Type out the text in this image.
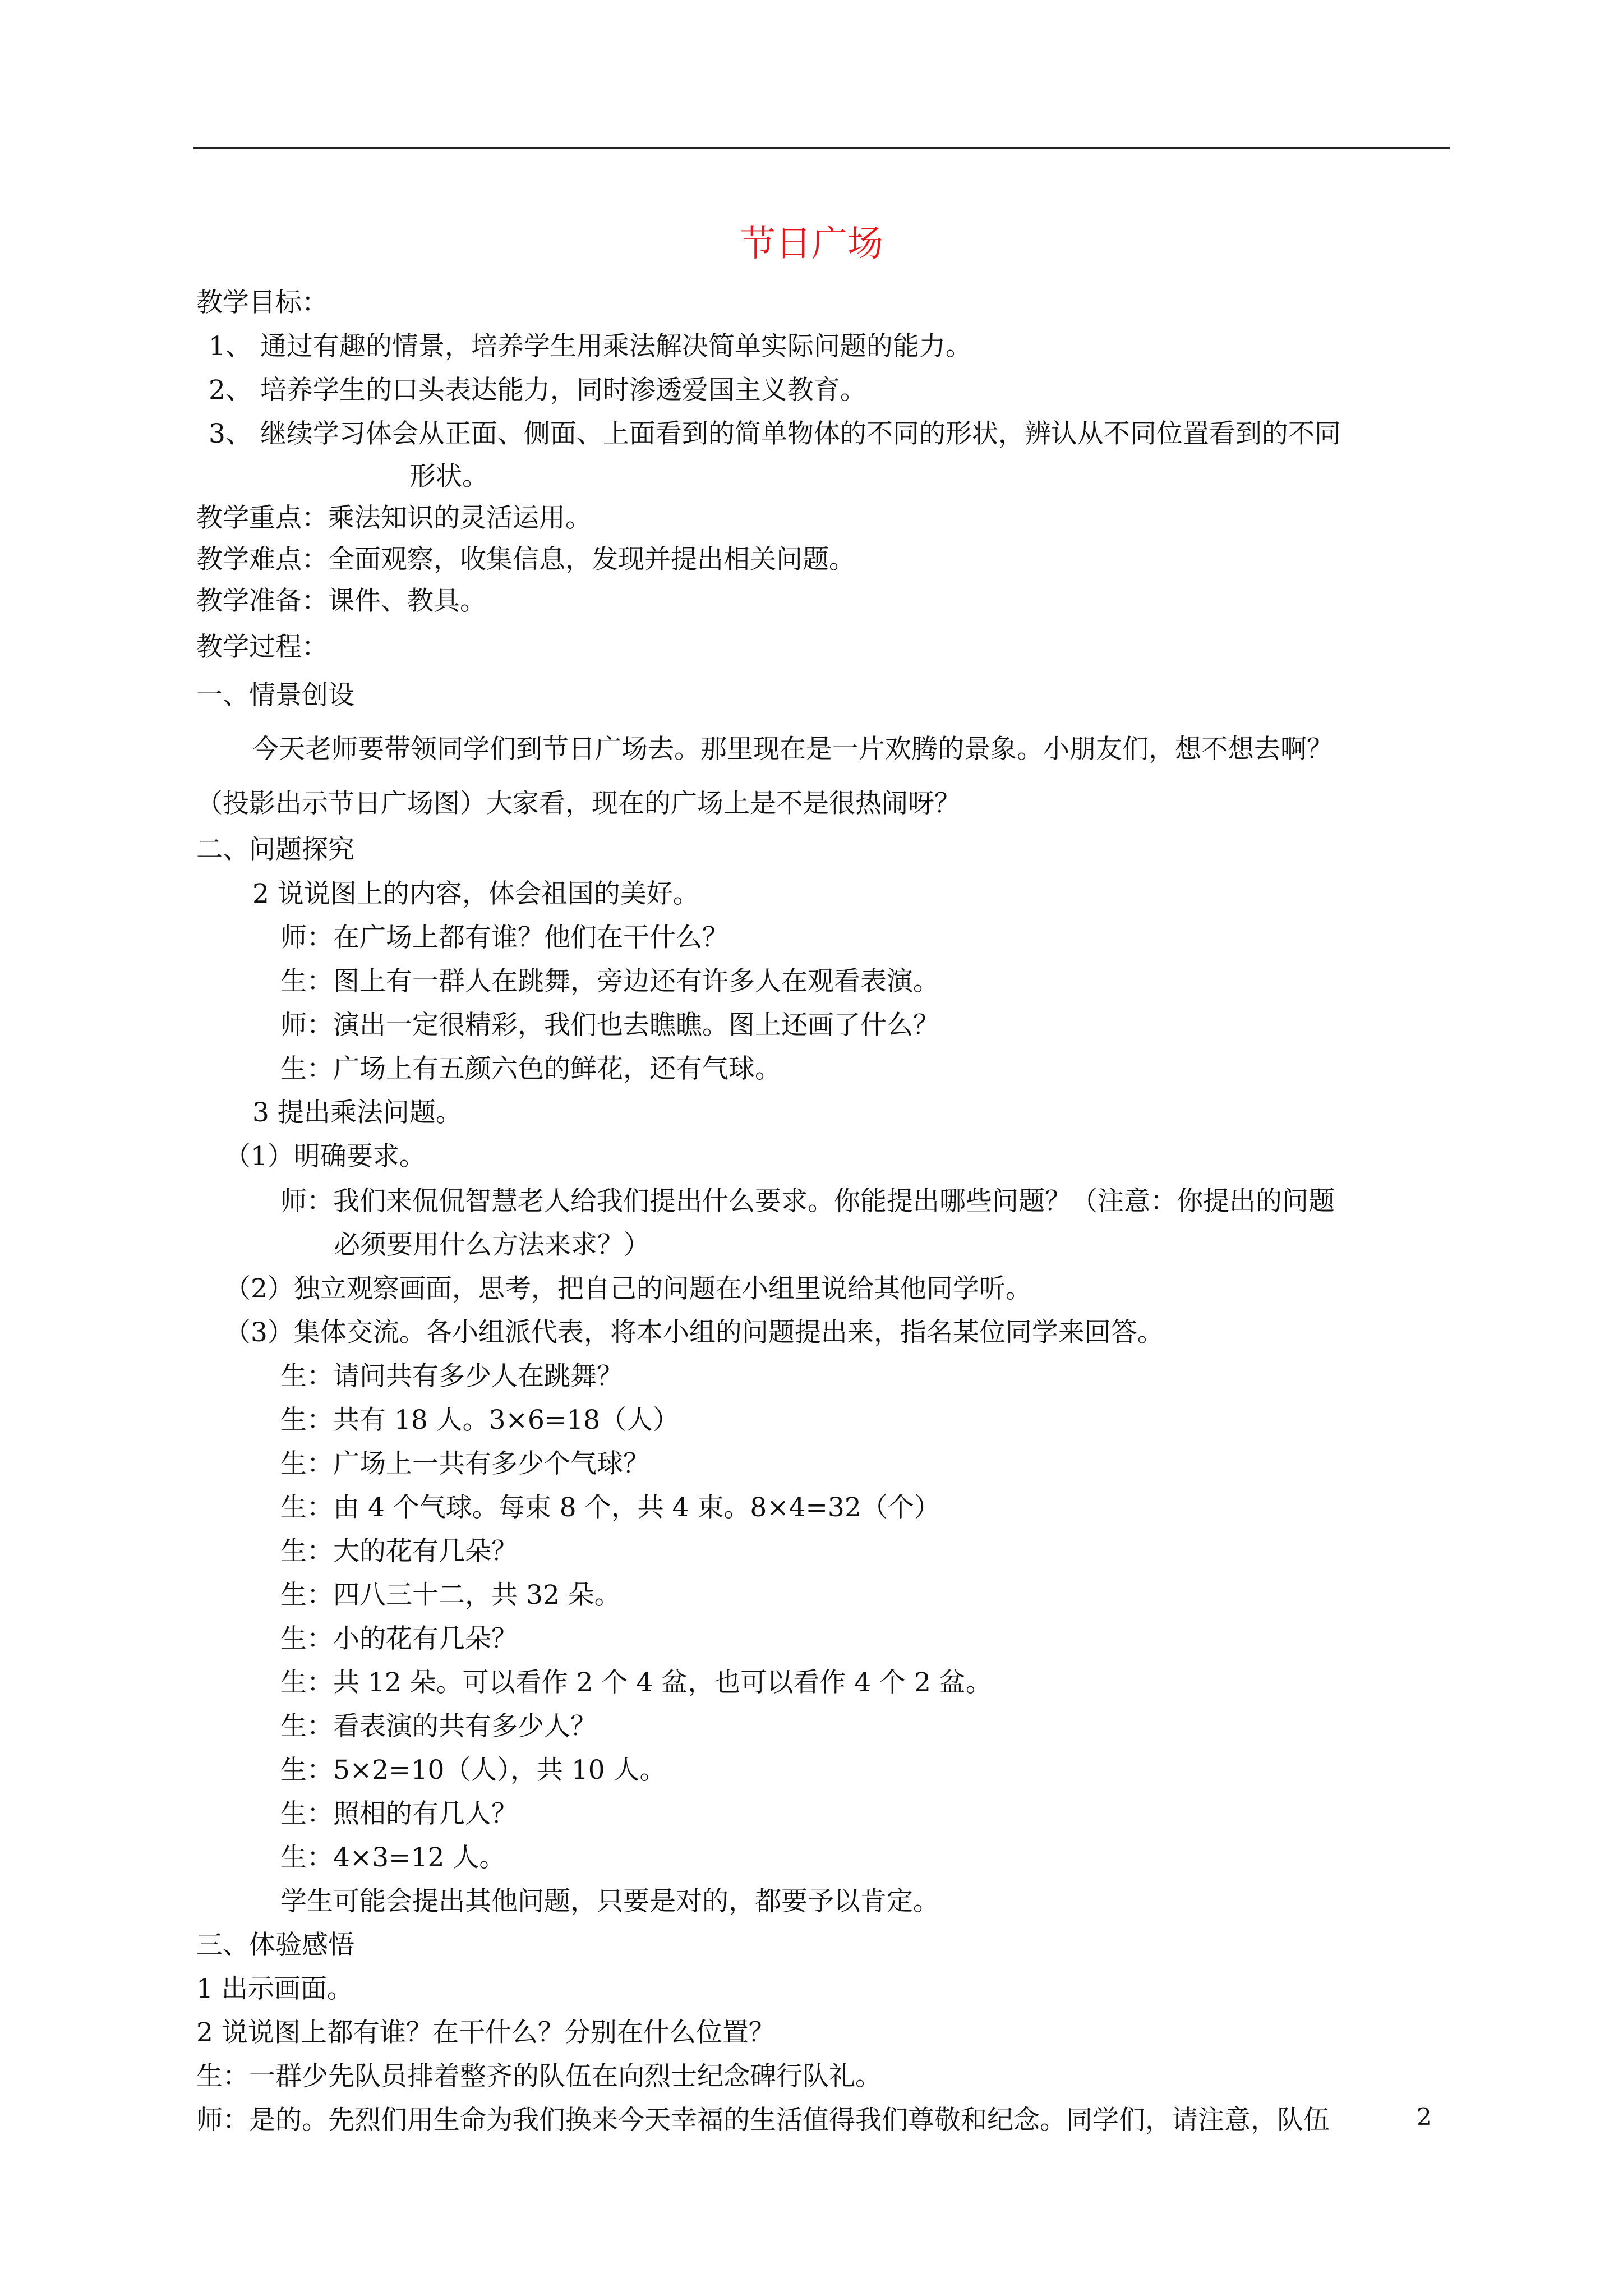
节日广场
教学目标：
1、 通过有趣的情景，培养学生用乘法解决简单实际问题的能力。
2、 培养学生的口头表达能力，同时渗透爱国主义教育。
3、 继续学习体会从正面、侧面、上面看到的简单物体的不同的形状，辨认从不同位置看到的不同
形状。
教学重点：乘法知识的灵活运用。
教学难点：全面观察，收集信息，发现并提出相关问题。
教学准备：课件、教具。
教学过程：
一、情景创设
今天老师要带领同学们到节日广场去。那里现在是一片欢腾的景象。小朋友们，想不想去啊？
（投影出示节日广场图）大家看，现在的广场上是不是很热闹呀？
二、问题探究
2 说说图上的内容，体会祖国的美好。
师：在广场上都有谁？他们在干什么？
生：图上有一群人在跳舞，旁边还有许多人在观看表演。
师：演出一定很精彩，我们也去瞧瞧。图上还画了什么？
生：广场上有五颜六色的鲜花，还有气球。
3 提出乘法问题。
（1）明确要求。
师：我们来侃侃智慧老人给我们提出什么要求。你能提出哪些问题？（注意：你提出的问题
必须要用什么方法来求？）
（2）独立观察画面，思考，把自己的问题在小组里说给其他同学听。
（3）集体交流。各小组派代表，将本小组的问题提出来，指名某位同学来回答。
生：请问共有多少人在跳舞？
生：共有 18 人。3×6=18（人）
生：广场上一共有多少个气球？
生：由 4 个气球。每束 8 个，共 4 束。8×4=32（个）
生：大的花有几朵？
生：四八三十二，共 32 朵。
生：小的花有几朵？
生：共 12 朵。可以看作 2 个 4 盆，也可以看作 4 个 2 盆。
生：看表演的共有多少人？
生：5×2=10（人），共 10 人。
生：照相的有几人？
生：4×3=12 人。
学生可能会提出其他问题，只要是对的，都要予以肯定。
三、体验感悟
1 出示画面。
2 说说图上都有谁？在干什么？分别在什么位置？
生：一群少先队员排着整齐的队伍在向烈士纪念碑行队礼。
师：是的。先烈们用生命为我们换来今天幸福的生活值得我们尊敬和纪念。同学们，请注意，队伍	2
